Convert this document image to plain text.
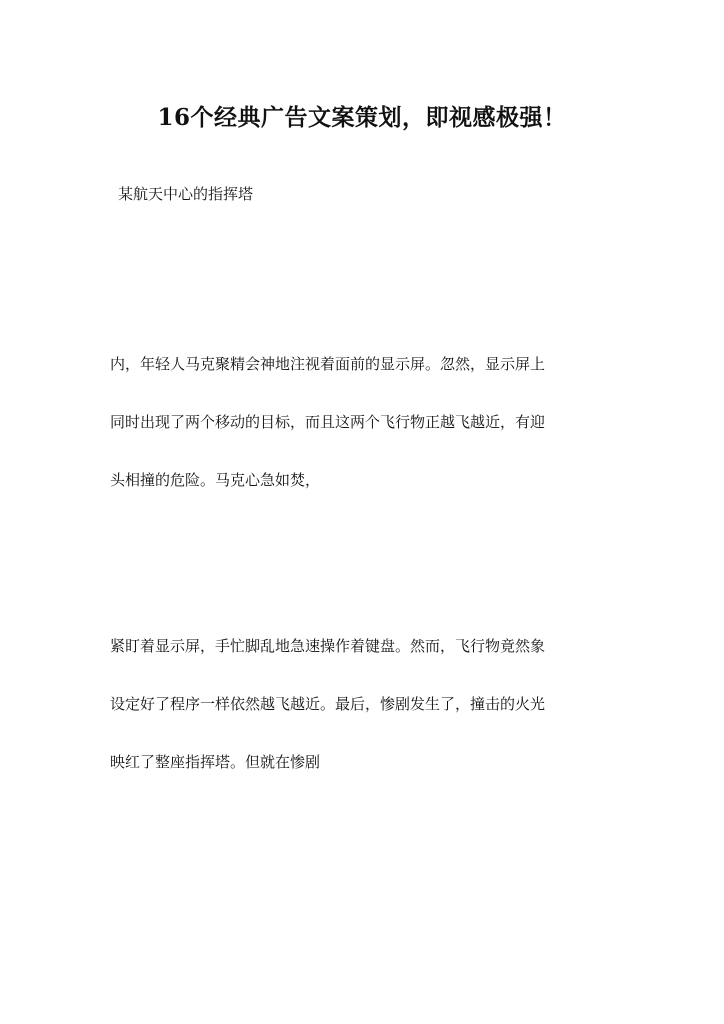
16个经典广告文案策划，即视感极强！
某航天中心的指挥塔
内，年轻人马克聚精会神地注视着面前的显示屏。忽然，显示屏上
同时出现了两个移动的目标，而且这两个飞行物正越飞越近，有迎
头相撞的危险。马克心急如焚，
紧盯着显示屏，手忙脚乱地急速操作着键盘。然而，飞行物竟然象
设定好了程序一样依然越飞越近。最后，惨剧发生了，撞击的火光
映红了整座指挥塔。但就在惨剧
